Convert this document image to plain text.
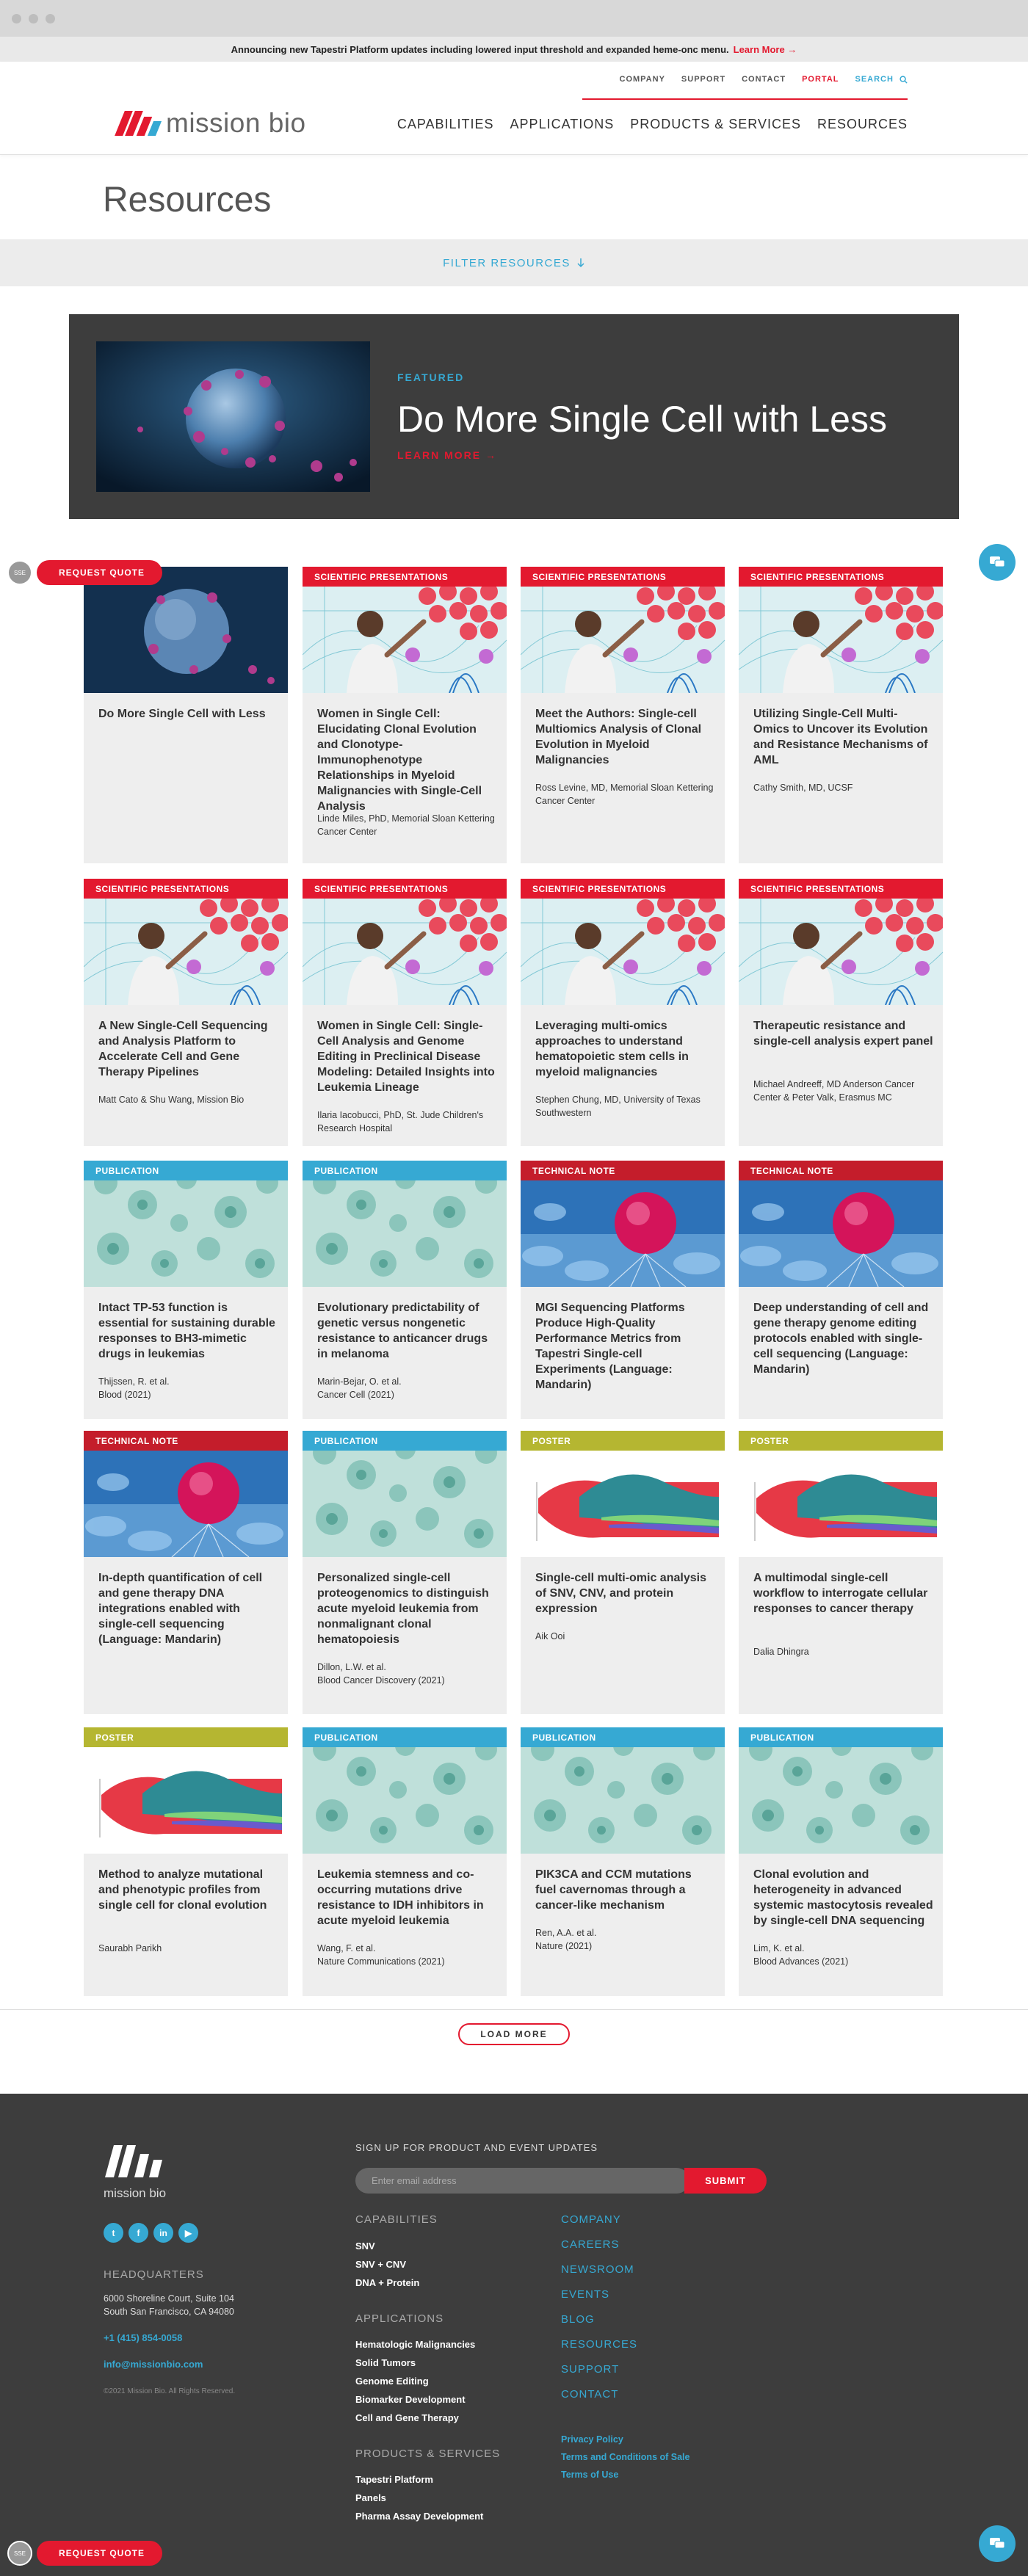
Announcing new Tapestri Platform updates including lowered input threshold and expanded heme-onc menu. Learn More →
mission bio
COMPANY SUPPORT CONTACT PORTAL SEARCH
CAPABILITIES APPLICATIONS PRODUCTS & SERVICES RESOURCES
Resources
FILTER RESOURCES
FEATURED
Do More Single Cell with Less
LEARN MORE →
Do More Single Cell with Less
SCIENTIFIC PRESENTATIONS
Women in Single Cell: Elucidating Clonal Evolution and Clonotype-Immunophenotype Relationships in Myeloid Malignancies with Single-Cell Analysis
Linde Miles, PhD, Memorial Sloan Kettering Cancer Center
SCIENTIFIC PRESENTATIONS
Meet the Authors: Single-cell Multiomics Analysis of Clonal Evolution in Myeloid Malignancies
Ross Levine, MD, Memorial Sloan Kettering Cancer Center
SCIENTIFIC PRESENTATIONS
Utilizing Single-Cell Multi-Omics to Uncover its Evolution and Resistance Mechanisms of AML
Cathy Smith, MD, UCSF
SCIENTIFIC PRESENTATIONS
A New Single-Cell Sequencing and Analysis Platform to Accelerate Cell and Gene Therapy Pipelines
Matt Cato & Shu Wang, Mission Bio
SCIENTIFIC PRESENTATIONS
Women in Single Cell: Single-Cell Analysis and Genome Editing in Preclinical Disease Modeling: Detailed Insights into Leukemia Lineage
Ilaria Iacobucci, PhD, St. Jude Children's Research Hospital
SCIENTIFIC PRESENTATIONS
Leveraging multi-omics approaches to understand hematopoietic stem cells in myeloid malignancies
Stephen Chung, MD, University of Texas Southwestern
SCIENTIFIC PRESENTATIONS
Therapeutic resistance and single-cell analysis expert panel
Michael Andreeff, MD Anderson Cancer Center & Peter Valk, Erasmus MC
PUBLICATION
Intact TP-53 function is essential for sustaining durable responses to BH3-mimetic drugs in leukemias
Thijssen, R. et al.
Blood (2021)
PUBLICATION
Evolutionary predictability of genetic versus nongenetic resistance to anticancer drugs in melanoma
Marin-Bejar, O. et al.
Cancer Cell (2021)
TECHNICAL NOTE
MGI Sequencing Platforms Produce High-Quality Performance Metrics from Tapestri Single-cell Experiments (Language: Mandarin)
TECHNICAL NOTE
Deep understanding of cell and gene therapy genome editing protocols enabled with single-cell sequencing (Language: Mandarin)
TECHNICAL NOTE
In-depth quantification of cell and gene therapy DNA integrations enabled with single-cell sequencing (Language: Mandarin)
PUBLICATION
Personalized single-cell proteogenomics to distinguish acute myeloid leukemia from nonmalignant clonal hematopoiesis
Dillon, L.W. et al.
Blood Cancer Discovery (2021)
POSTER
Single-cell multi-omic analysis of SNV, CNV, and protein expression
Aik Ooi
POSTER
A multimodal single-cell workflow to interrogate cellular responses to cancer therapy
Dalia Dhingra
POSTER
Method to analyze mutational and phenotypic profiles from single cell for clonal evolution
Saurabh Parikh
PUBLICATION
Leukemia stemness and co-occurring mutations drive resistance to IDH inhibitors in acute myeloid leukemia
Wang, F. et al.
Nature Communications (2021)
PUBLICATION
PIK3CA and CCM mutations fuel cavernomas through a cancer-like mechanism
Ren, A.A. et al.
Nature (2021)
PUBLICATION
Clonal evolution and heterogeneity in advanced systemic mastocytosis revealed by single-cell DNA sequencing
Lim, K. et al.
Blood Advances (2021)
LOAD MORE
mission bio
t	f	in	▶
HEADQUARTERS
6000 Shoreline Court, Suite 104
South San Francisco, CA 94080
+1 (415) 854-0058
info@missionbio.com
©2021 Mission Bio. All Rights Reserved.
SIGN UP FOR PRODUCT AND EVENT UPDATES
Enter email address	SUBMIT
CAPABILITIES
SNV
SNV + CNV
DNA + Protein
APPLICATIONS
Hematologic Malignancies
Solid Tumors
Genome Editing
Biomarker Development
Cell and Gene Therapy
PRODUCTS & SERVICES
Tapestri Platform
Panels
Pharma Assay Development
COMPANY
CAREERS
NEWSROOM
EVENTS
BLOG
RESOURCES
SUPPORT
CONTACT
Privacy Policy
Terms and Conditions of Sale
Terms of Use
REQUEST QUOTE
SSE
REQUEST QUOTE
SSE
